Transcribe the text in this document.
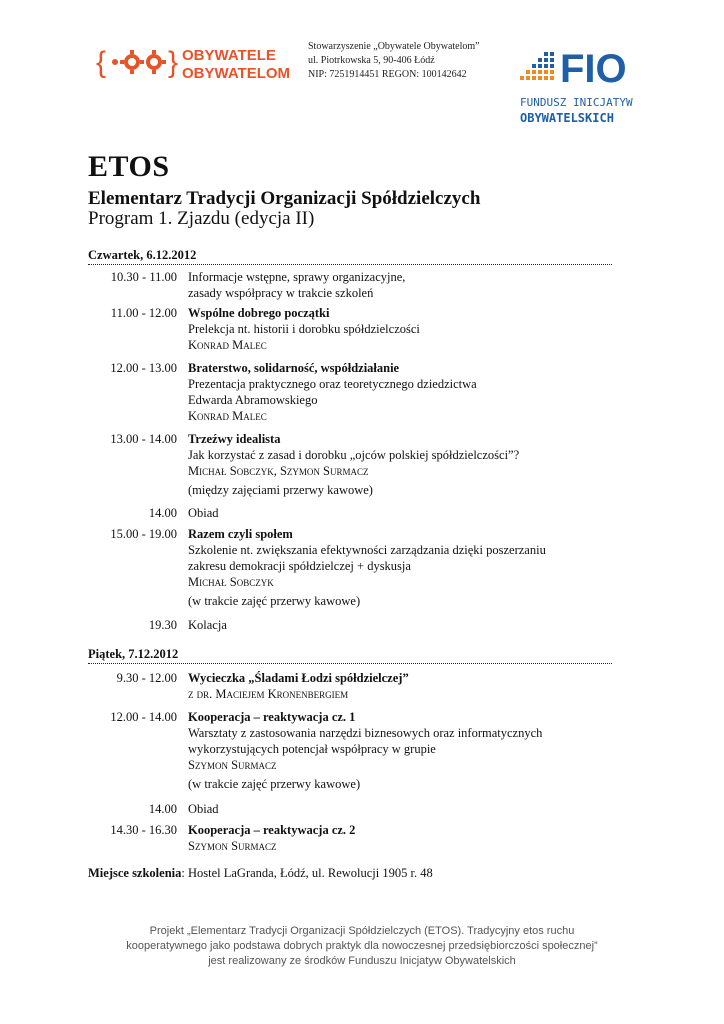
{ } OBYWATELE
OBYWATELOM
Stowarzyszenie „Obywatele Obywatelom”
ul. Piotrkowska 5, 90-406 Łódź
NIP: 7251914451 REGON: 100142642	FIO
FUNDUSZ INICJATYW
OBYWATELSKICH
ETOS
Elementarz Tradycji Organizacji Spółdzielczych
Program 1. Zjazdu (edycja II)
Czwartek, 6.12.2012
10.30 - 11.00 Informacje wstępne, sprawy organizacyjne,
zasady współpracy w trakcie szkoleń
11.00 - 12.00 Wspólne dobrego początki
Prelekcja nt. historii i dorobku spółdzielczości
Konrad Malec
12.00 - 13.00 Braterstwo, solidarność, współdziałanie
Prezentacja praktycznego oraz teoretycznego dziedzictwa
Edwarda Abramowskiego
Konrad Malec
13.00 - 14.00 Trzeźwy idealista
Jak korzystać z zasad i dorobku „ojców polskiej spółdzielczości”?
Michał Sobczyk, Szymon Surmacz
(między zajęciami przerwy kawowe)
14.00 Obiad
15.00 - 19.00 Razem czyli społem
Szkolenie nt. zwiększania efektywności zarządzania dzięki poszerzaniu
zakresu demokracji spółdzielczej + dyskusja
Michał Sobczyk
(w trakcie zajęć przerwy kawowe)
19.30 Kolacja
Piątek, 7.12.2012
9.30 - 12.00 Wycieczka „Śladami Łodzi spółdzielczej”
z dr. Maciejem Kronenbergiem
12.00 - 14.00 Kooperacja – reaktywacja cz. 1
Warsztaty z zastosowania narzędzi biznesowych oraz informatycznych
wykorzystujących potencjał współpracy w grupie
Szymon Surmacz
(w trakcie zajęć przerwy kawowe)
14.00 Obiad
14.30 - 16.30 Kooperacja – reaktywacja cz. 2
Szymon Surmacz
Miejsce szkolenia: Hostel LaGranda, Łódź, ul. Rewolucji 1905 r. 48
Projekt „Elementarz Tradycji Organizacji Spółdzielczych (ETOS). Tradycyjny etos ruchu
kooperatywnego jako podstawa dobrych praktyk dla nowoczesnej przedsiębiorczości społecznej”
jest realizowany ze środków Funduszu Inicjatyw Obywatelskich
